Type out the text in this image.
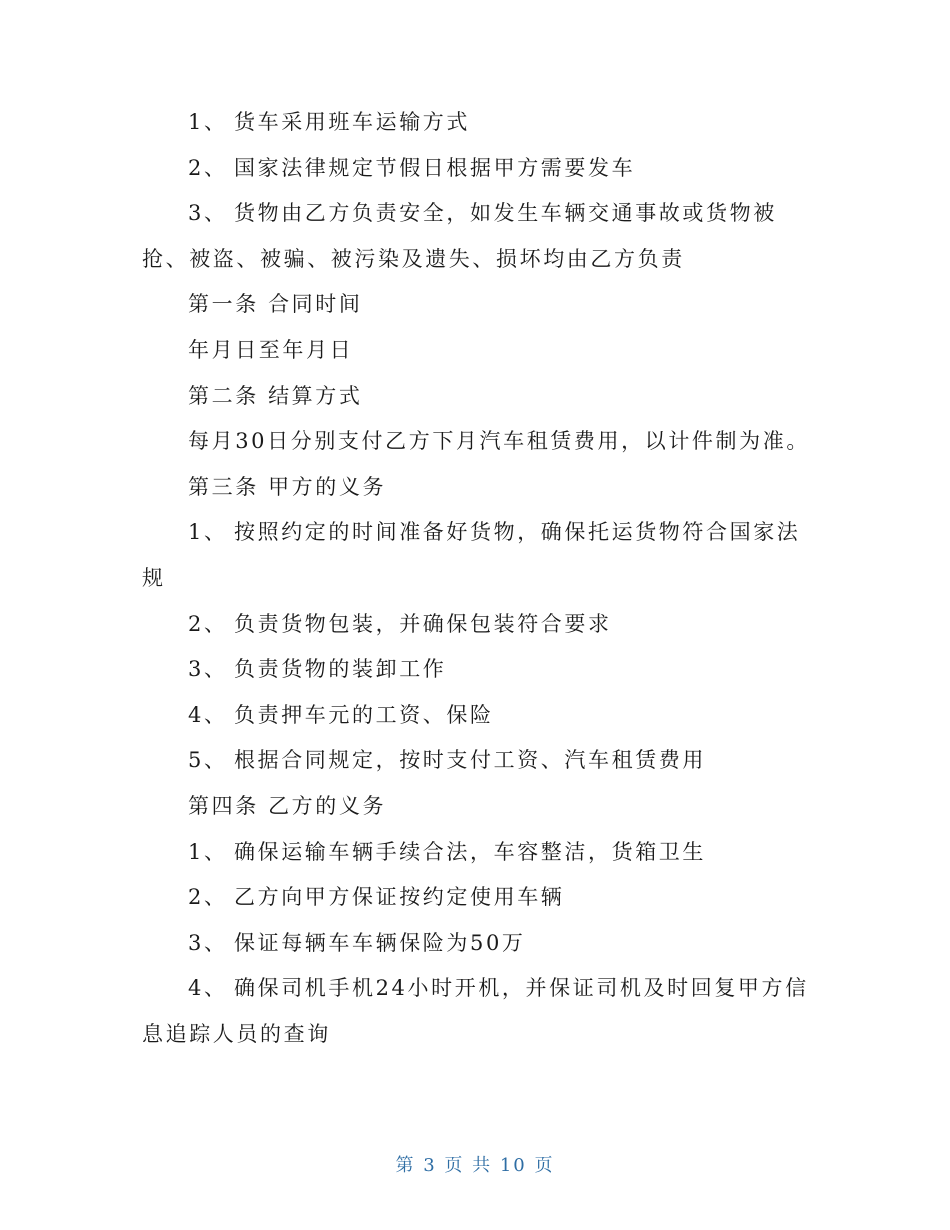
1、 货车采用班车运输方式

2、 国家法律规定节假日根据甲方需要发车

3、 货物由乙方负责安全，如发生车辆交通事故或货物被抢、被盗、被骗、被污染及遗失、损坏均由乙方负责

第一条 合同时间

年月日至年月日

第二条 结算方式

每月30日分别支付乙方下月汽车租赁费用，以计件制为准。

第三条 甲方的义务

1、 按照约定的时间准备好货物，确保托运货物符合国家法规

2、 负责货物包装，并确保包装符合要求

3、 负责货物的装卸工作

4、 负责押车元的工资、保险

5、 根据合同规定，按时支付工资、汽车租赁费用

第四条 乙方的义务

1、 确保运输车辆手续合法，车容整洁，货箱卫生

2、 乙方向甲方保证按约定使用车辆

3、 保证每辆车车辆保险为50万

4、 确保司机手机24小时开机，并保证司机及时回复甲方信息追踪人员的查询

第 3 页 共 10 页
